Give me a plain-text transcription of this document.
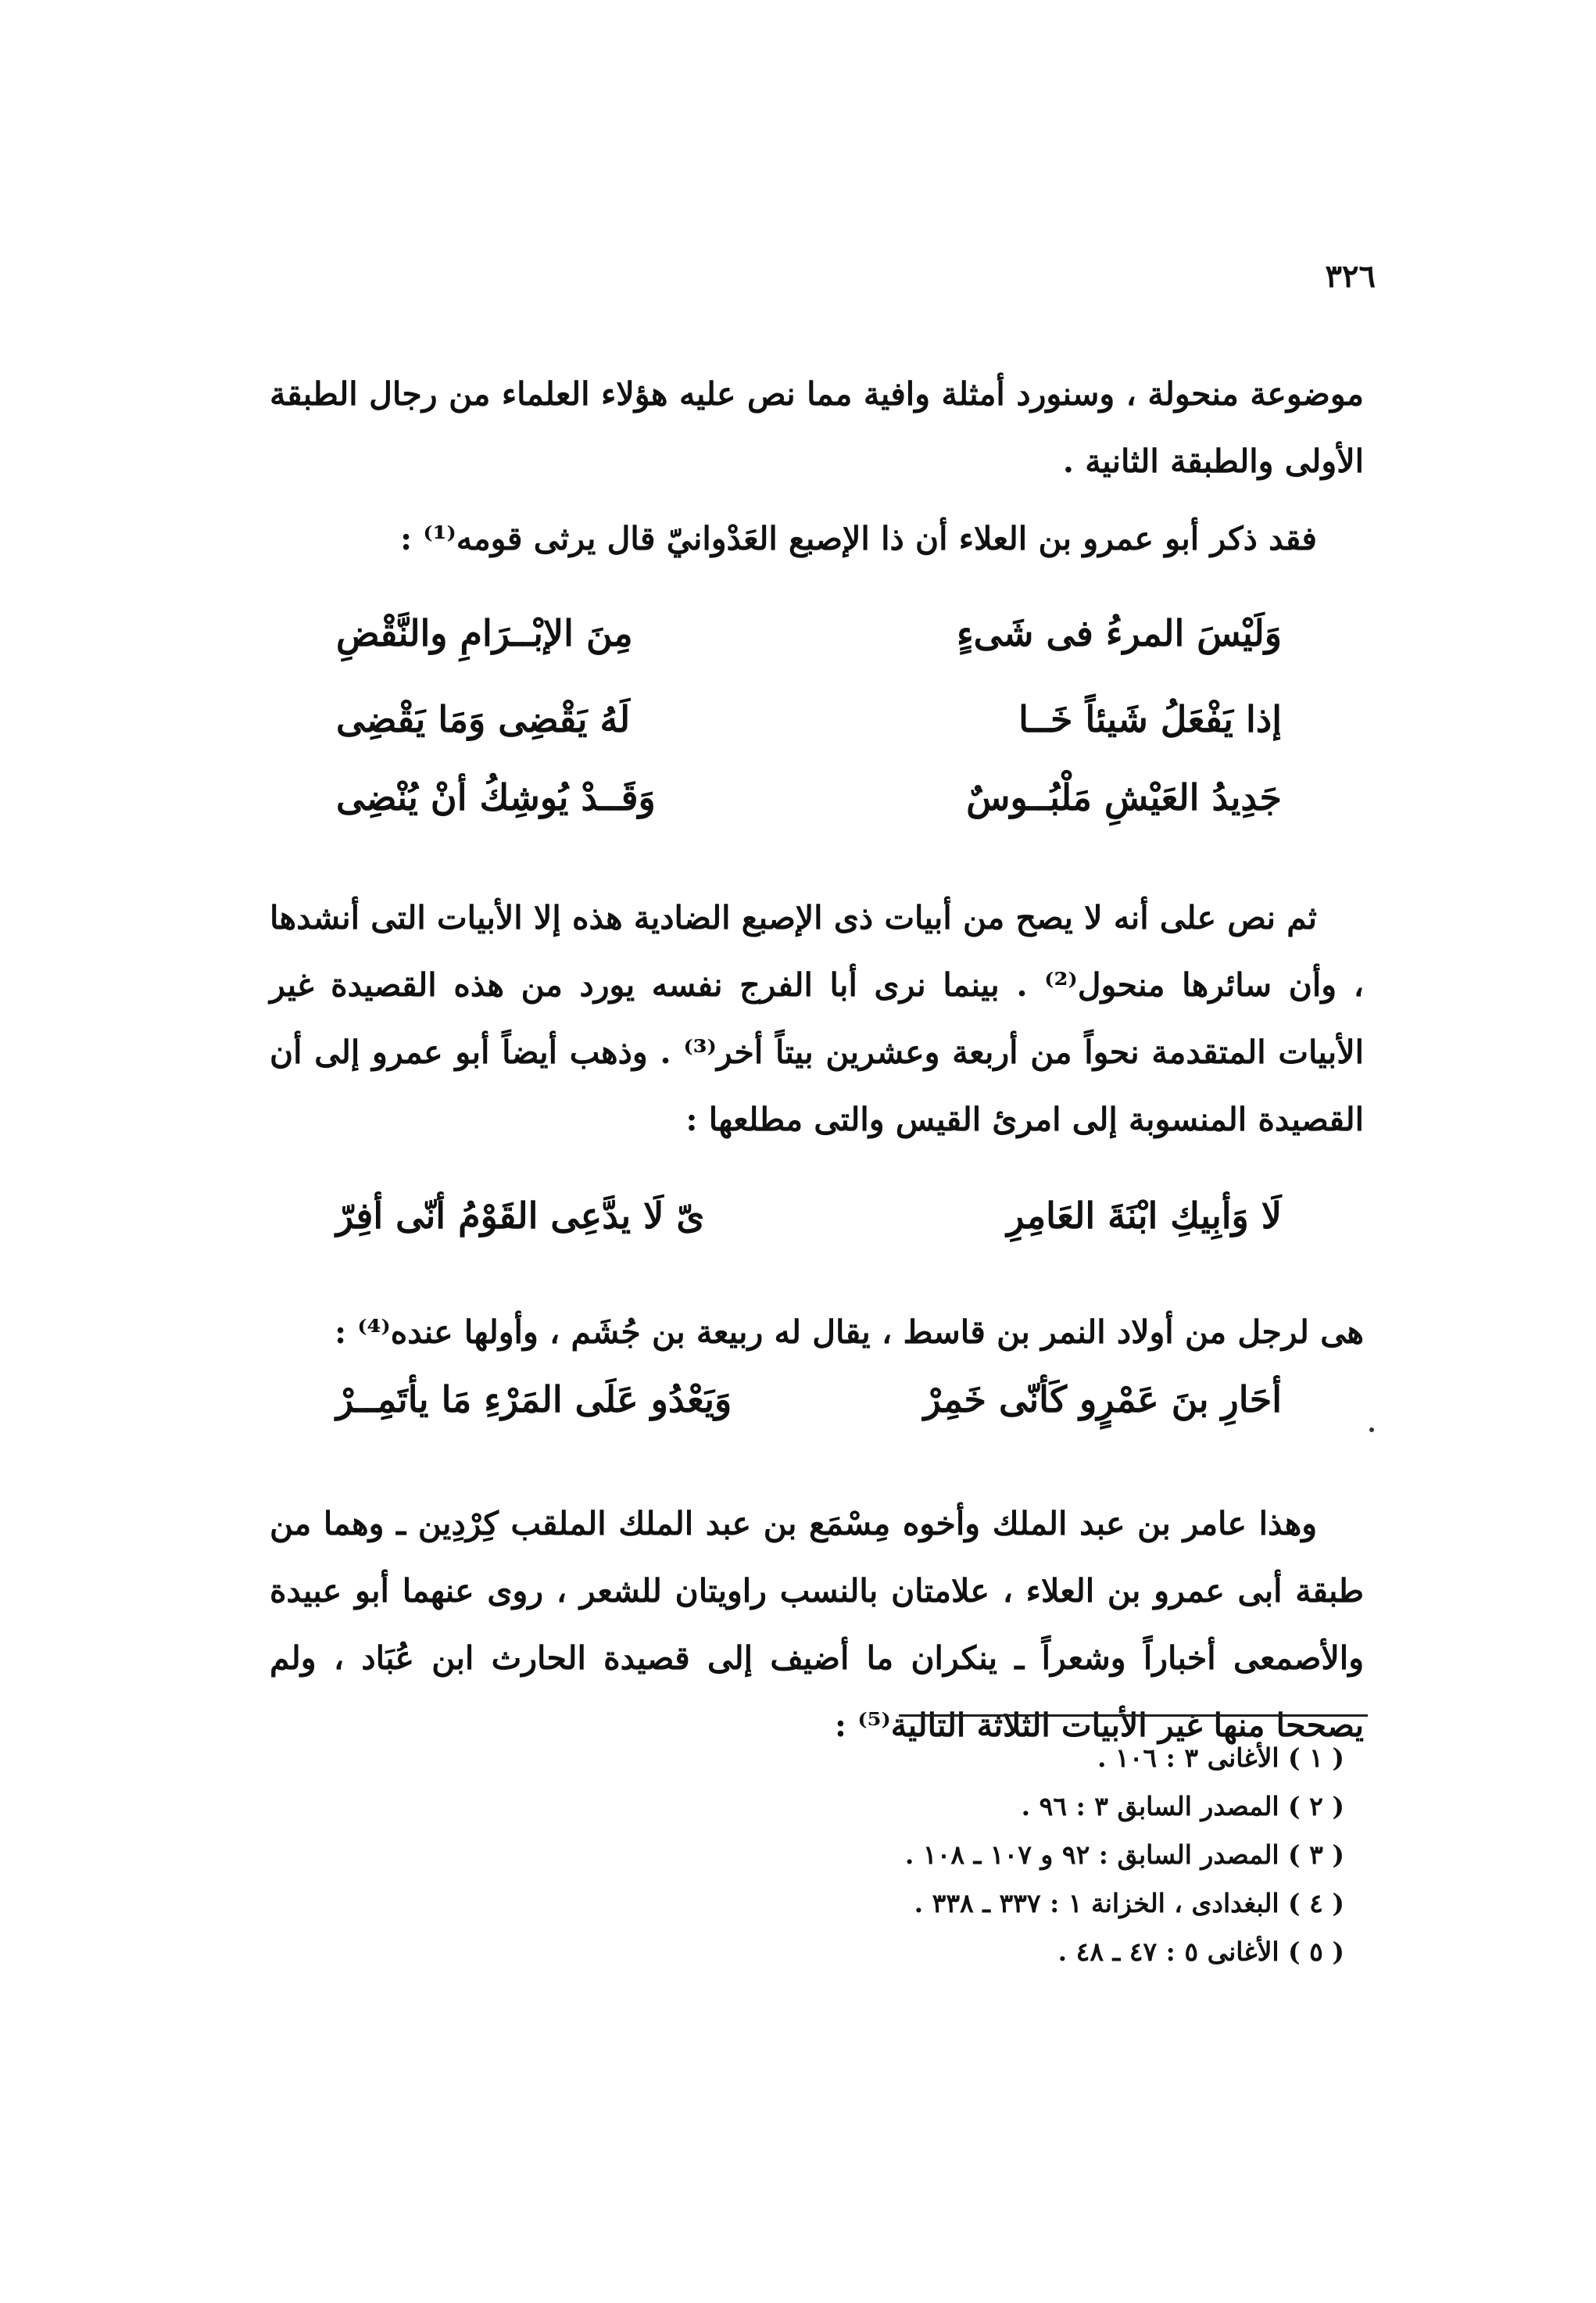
٣٢٦

موضوعة منحولة ، وسنورد أمثلة وافية مما نص عليه هؤلاء العلماء من رجال الطبقة الأولى والطبقة الثانية .

فقد ذكر أبو عمرو بن العلاء أن ذا الإصبع العَدْوانيّ قال يرثى قومه⁽¹⁾ :

وَلَيْسَ المرءُ فى شَىءٍ
مِنَ الإبْــرَامِ والنَّقْضِ
إذا يَفْعَلُ شَيئاً خَــا
لَهُ يَقْضِى وَمَا يَقْضِى
جَدِيدُ العَيْشِ مَلْبُــوسٌ
وَقَــدْ يُوشِكُ أنْ يُنْضِى

ثم نص على أنه لا يصح من أبيات ذى الإصبع الضادية هذه إلا الأبيات التى أنشدها ، وأن سائرها منحول⁽²⁾ . بينما نرى أبا الفرج نفسه يورد من هذه القصيدة غير الأبيات المتقدمة نحواً من أربعة وعشرين بيتاً أخر⁽³⁾ . وذهب أيضاً أبو عمرو إلى أن القصيدة المنسوبة إلى امرئ القيس والتى مطلعها :

لَا وَأبِيكِ ابْنَةَ العَامِرِ
ىّ لَا يدَّعِى القَوْمُ أنّى أفِرّ

هى لرجل من أولاد النمر بن قاسط ، يقال له ربيعة بن جُشَم ، وأولها عنده⁽⁴⁾ :

أحَارِ بنَ عَمْرٍو كَأنّى خَمِرْ
وَيَعْدُو عَلَى المَرْءِ مَا يأتَمِــرْ

وهذا عامر بن عبد الملك وأخوه مِسْمَع بن عبد الملك الملقب كِرْدِين ـ وهما من طبقة أبى عمرو بن العلاء ، علامتان بالنسب راويتان للشعر ، روى عنهما أبو عبيدة والأصمعى أخباراً وشعراً ـ ينكران ما أضيف إلى قصيدة الحارث ابن عُبَاد ، ولم يصححا منها غير الأبيات الثلاثة التالية⁽⁵⁾ :

( ١ ) الأغانى ٣ : ١٠٦ .
( ٢ ) المصدر السابق ٣ : ٩٦ .
( ٣ ) المصدر السابق : ٩٢ و ١٠٧ ـ ١٠٨ .
( ٤ ) البغدادى ، الخزانة ١ : ٣٣٧ ـ ٣٣٨ .
( ٥ ) الأغانى ٥ : ٤٧ ـ ٤٨ .
